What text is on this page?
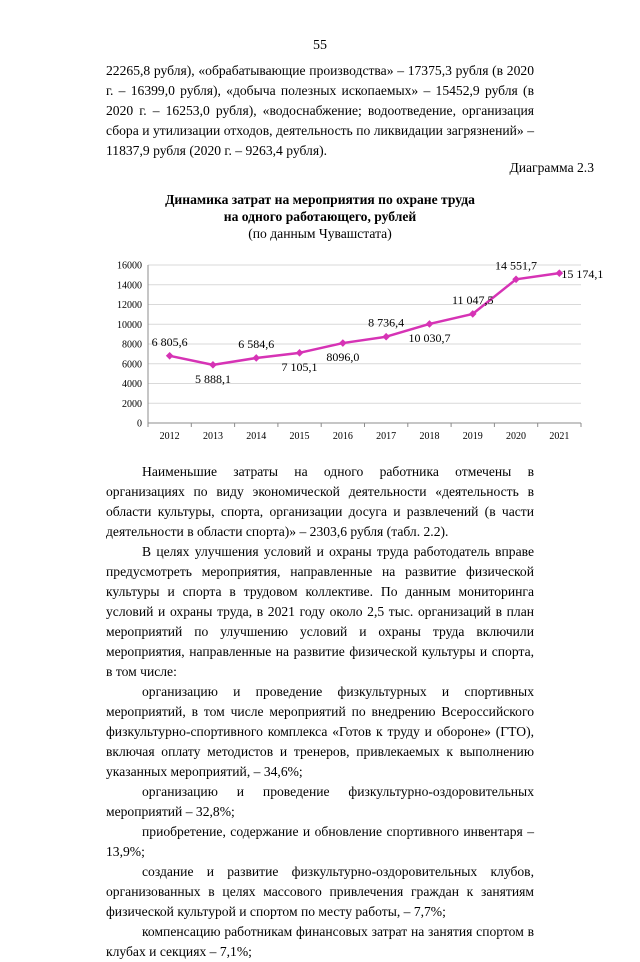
55

22265,8 рубля), «обрабатывающие производства» – 17375,3 рубля (в 2020 г. – 16399,0 рубля), «добыча полезных ископаемых» – 15452,9 рубля (в 2020 г. – 16253,0 рубля), «водоснабжение; водоотведение, организация сбора и утилизации отходов, деятельность по ликвидации загрязнений» – 11837,9 рубля (2020 г. – 9263,4 рубля).

Диаграмма 2.3
Динамика затрат на мероприятия по охране труда
на одного работающего, рублей
(по данным Чувашстата)
0
2000
4000
6000
8000
10000
12000
14000
16000
2012 2013 2014 2015 2016 2017 2018 2019 2020 2021
6 805,6
5 888,1
6 584,6
7 105,1
8096,0
8 736,4
10 030,7
11 047,5
14 551,7
15 174,1

Наименьшие затраты на одного работника отмечены в организациях по виду экономической деятельности «деятельность в области культуры, спорта, организации досуга и развлечений (в части деятельности в области спорта)» – 2303,6 рубля (табл. 2.2).

В целях улучшения условий и охраны труда работодатель вправе предусмотреть мероприятия, направленные на развитие физической культуры и спорта в трудовом коллективе. По данным мониторинга условий и охраны труда, в 2021 году около 2,5 тыс. организаций в план мероприятий по улучшению условий и охраны труда включили мероприятия, направленные на развитие физической культуры и спорта, в том числе:

организацию и проведение физкультурных и спортивных мероприятий, в том числе мероприятий по внедрению Всероссийского физкультурно-спортивного комплекса «Готов к труду и обороне» (ГТО), включая оплату методистов и тренеров, привлекаемых к выполнению указанных мероприятий, – 34,6%;

организацию и проведение физкультурно-оздоровительных мероприятий – 32,8%;

приобретение, содержание и обновление спортивного инвентаря – 13,9%;

создание и развитие физкультурно-оздоровительных клубов, организованных в целях массового привлечения граждан к занятиям физической культурой и спортом по месту работы, – 7,7%;

компенсацию работникам финансовых затрат на занятия спортом в клубах и секциях – 7,1%;
